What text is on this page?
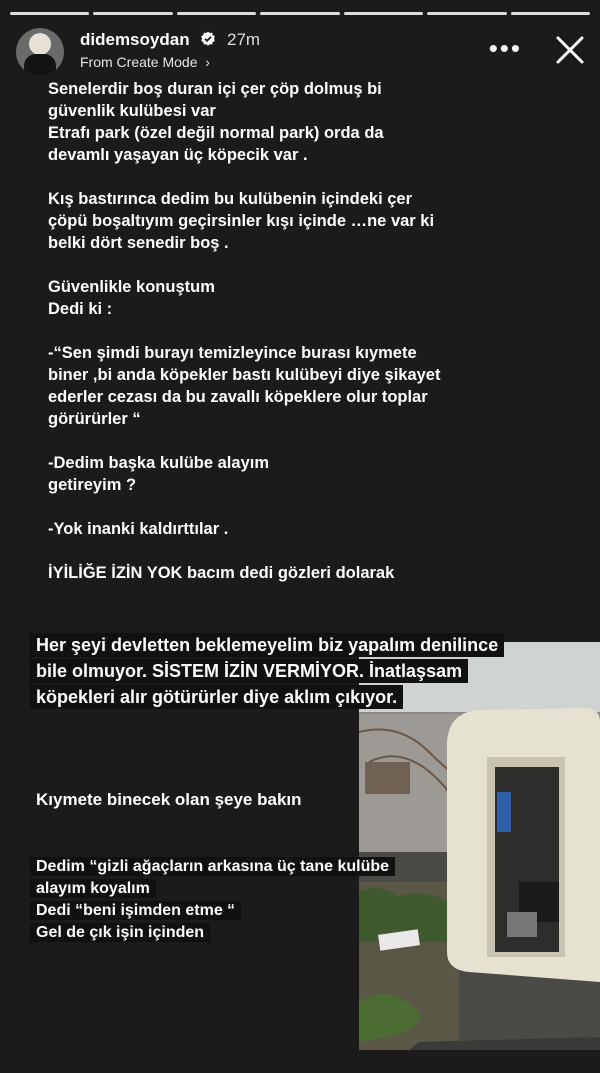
didemsoydan 27m
From Create Mode  ›	•••

Senelerdir boş duran içi çer çöp dolmuş bi
güvenlik kulübesi var
Etrafı park (özel değil normal park) orda da
devamlı yaşayan üç köpecik var .

Kış bastırınca dedim bu kulübenin içindeki çer
çöpü boşaltıyım geçirsinler kışı içinde …ne var ki
belki dört senedir boş .

Güvenlikle konuştum
Dedi ki :

-“Sen şimdi burayı temizleyince burası kıymete
biner ,bi anda köpekler bastı kulübeyi diye şikayet
ederler cezası da bu zavallı köpeklere olur toplar
görürürler “

-Dedim başka kulübe alayım
getireyim ?

-Yok inanki kaldırttılar .

İYİLİĞE İZİN YOK bacım dedi gözleri dolarak

Her şeyi devletten beklemeyelim biz yapalım denilince bile olmuyor. SİSTEM İZİN VERMİYOR. İnatlaşsam köpekleri alır götürürler diye aklım çıkıyor.
Kıymete binecek olan şeye bakın
Dedim “gizli ağaçların arkasına üç tane kulübe
alayım koyalım
Dedi “beni işimden etme “
Gel de çık işin içinden
